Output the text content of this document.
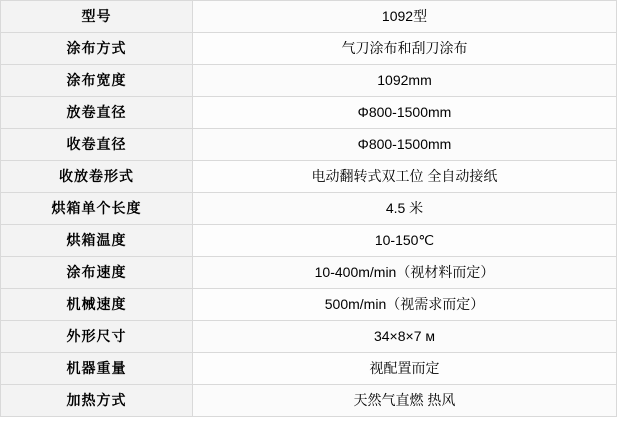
型号	1092型
涂布方式	气刀涂布和刮刀涂布
涂布宽度	1092mm
放卷直径	Φ800-1500mm
收卷直径	Φ800-1500mm
收放卷形式	电动翻转式双工位 全自动接纸
烘箱单个长度	4.5 米
烘箱温度	10-150℃
涂布速度	10-400m/min（视材料而定）
机械速度	500m/min（视需求而定）
外形尺寸	34×8×7 м
机器重量	视配置而定
加热方式	天然气直燃 热风
